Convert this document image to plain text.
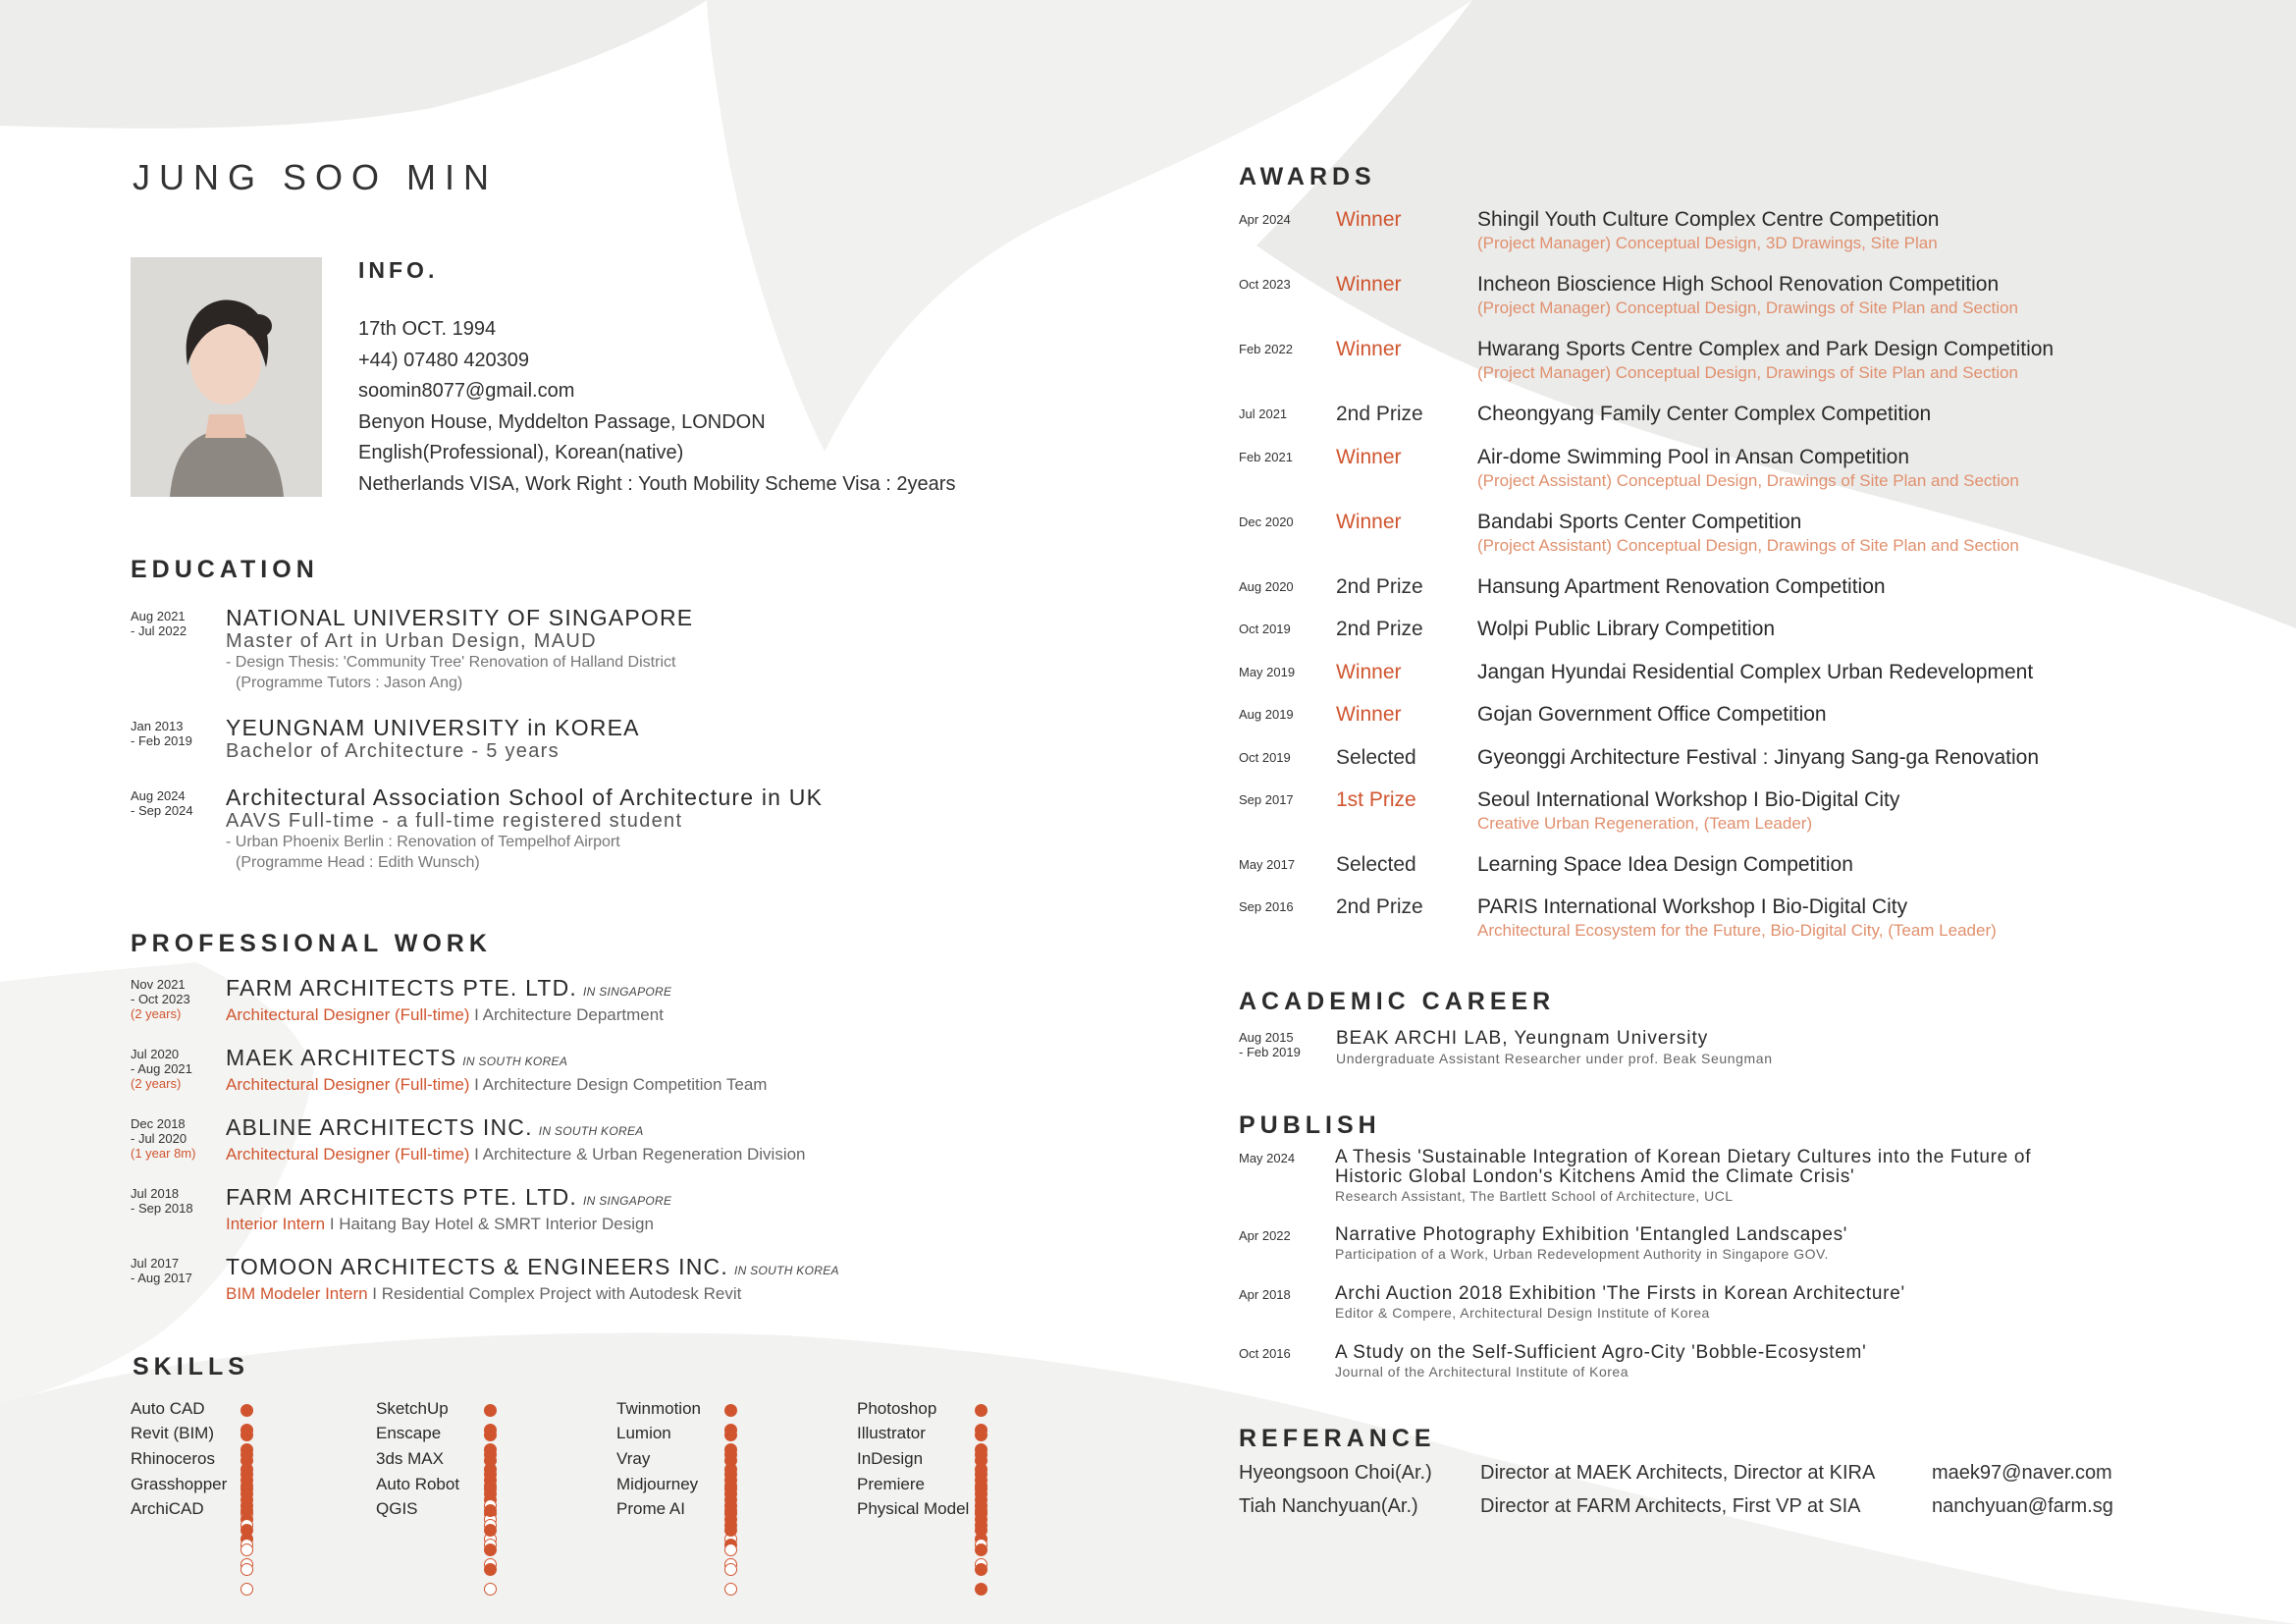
JUNG SOO MIN
INFO.
17th OCT. 1994
+44) 07480 420309
soomin8077@gmail.com
Benyon House, Myddelton Passage, LONDON
English(Professional), Korean(native)
Netherlands VISA, Work Right : Youth Mobility Scheme Visa : 2years
EDUCATION
Aug 2021
- Jul 2022
NATIONAL UNIVERSITY OF SINGAPORE
Master of Art in Urban Design, MAUD
- Design Thesis: 'Community Tree' Renovation of Halland District
(Programme Tutors : Jason Ang)
Jan 2013
- Feb 2019
YEUNGNAM UNIVERSITY in KOREA
Bachelor of Architecture - 5 years
Aug 2024
- Sep 2024
Architectural Association School of Architecture in UK
AAVS Full-time - a full-time registered student
- Urban Phoenix Berlin : Renovation of Tempelhof Airport
(Programme Head : Edith Wunsch)
PROFESSIONAL WORK
Nov 2021
- Oct 2023
(2 years)
FARM ARCHITECTS PTE. LTD. IN SINGAPORE
Architectural Designer (Full-time) I Architecture Department
Jul 2020
- Aug 2021
(2 years)
MAEK ARCHITECTS IN SOUTH KOREA
Architectural Designer (Full-time) I Architecture Design Competition Team
Dec 2018
- Jul 2020
(1 year 8m)
ABLINE ARCHITECTS INC. IN SOUTH KOREA
Architectural Designer (Full-time) I Architecture & Urban Regeneration Division
Jul 2018
- Sep 2018	FARM ARCHITECTS PTE. LTD. IN SINGAPORE
Interior Intern I Haitang Bay Hotel & SMRT Interior Design
Jul 2017
- Aug 2017	TOMOON ARCHITECTS & ENGINEERS INC. IN SOUTH KOREA
BIM Modeler Intern I Residential Complex Project with Autodesk Revit
SKILLS
Auto CAD
Revit (BIM)
Rhinoceros
Grasshopper
ArchiCAD
SketchUp
Enscape
3ds MAX
Auto Robot
QGIS
Twinmotion
Lumion
Vray
Midjourney
Prome AI
Photoshop
Illustrator
InDesign
Premiere
Physical Model
AWARDS
Apr 2024 Winner	Shingil Youth Culture Complex Centre Competition
(Project Manager) Conceptual Design, 3D Drawings, Site Plan
Oct 2023 Winner	Incheon Bioscience High School Renovation Competition
(Project Manager) Conceptual Design, Drawings of Site Plan and Section
Feb 2022 Winner	Hwarang Sports Centre Complex and Park Design Competition
(Project Manager) Conceptual Design, Drawings of Site Plan and Section
Jul 2021 2nd Prize	Cheongyang Family Center Complex Competition
Feb 2021 Winner	Air-dome Swimming Pool in Ansan Competition
(Project Assistant) Conceptual Design, Drawings of Site Plan and Section
Dec 2020 Winner	Bandabi Sports Center Competition
(Project Assistant) Conceptual Design, Drawings of Site Plan and Section
Aug 2020 2nd Prize	Hansung Apartment Renovation Competition
Oct 2019 2nd Prize	Wolpi Public Library Competition
May 2019 Winner	Jangan Hyundai Residential Complex Urban Redevelopment
Aug 2019 Winner	Gojan Government Office Competition
Oct 2019 Selected	Gyeonggi Architecture Festival : Jinyang Sang-ga Renovation
Sep 2017 1st Prize	Seoul International Workshop I Bio-Digital City
Creative Urban Regeneration, (Team Leader)
May 2017 Selected	Learning Space Idea Design Competition
Sep 2016 2nd Prize	PARIS International Workshop I Bio-Digital City
Architectural Ecosystem for the Future, Bio-Digital City, (Team Leader)
ACADEMIC CAREER
Aug 2015
- Feb 2019
BEAK ARCHI LAB, Yeungnam University
Undergraduate Assistant Researcher under prof. Beak Seungman
PUBLISH
May 2024 A Thesis 'Sustainable Integration of Korean Dietary Cultures into the Future of Historic Global London's Kitchens Amid the Climate Crisis'
Research Assistant, The Bartlett School of Architecture, UCL
Apr 2022 Narrative Photography Exhibition 'Entangled Landscapes'
Participation of a Work, Urban Redevelopment Authority in Singapore GOV.
Apr 2018 Archi Auction 2018 Exhibition 'The Firsts in Korean Architecture'
Editor & Compere, Architectural Design Institute of Korea
Oct 2016 A Study on the Self-Sufficient Agro-City 'Bobble-Ecosystem'
Journal of the Architectural Institute of Korea
REFERANCE
Hyeongsoon Choi(Ar.) Director at MAEK Architects, Director at KIRA	maek97@naver.com
Tiah Nanchyuan(Ar.)	Director at FARM Architects, First VP at SIA	nanchyuan@farm.sg
